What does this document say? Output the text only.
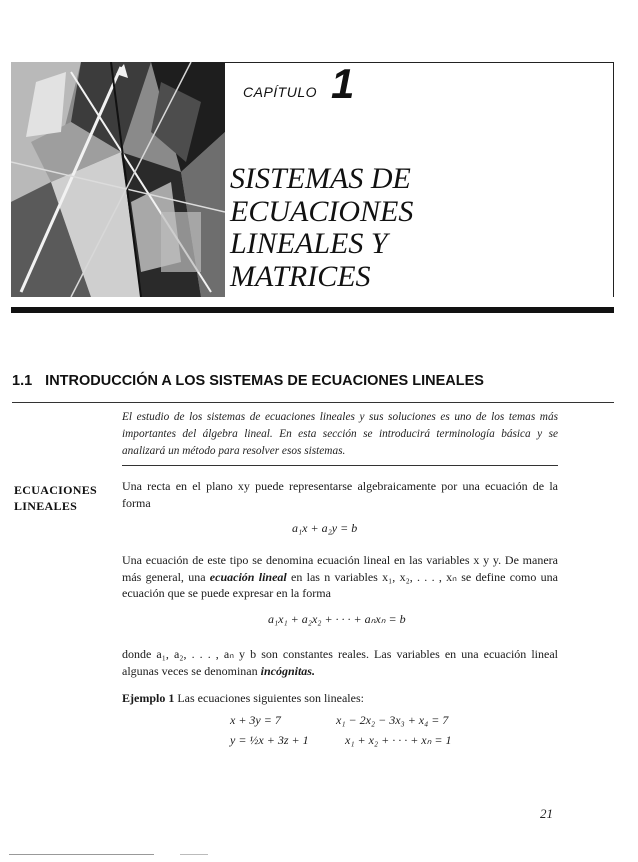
CAPÍTULO 1
SISTEMAS DE
ECUACIONES
LINEALES Y
MATRICES
1.1 INTRODUCCIÓN A LOS SISTEMAS DE ECUACIONES LINEALES

El estudio de los sistemas de ecuaciones lineales y sus soluciones es uno de los temas más importantes del álgebra lineal. En esta sección se introducirá terminología básica y se analizará un método para resolver esos sistemas.

ECUACIONES
LINEALES

Una recta en el plano xy puede representarse algebraicamente por una ecuación de la forma

a₁x + a₂y = b

Una ecuación de este tipo se denomina ecuación lineal en las variables x y y. De manera más general, una ecuación lineal en las n variables x₁, x₂, . . . , xₙ se define como una ecuación que se puede expresar en la forma

a₁x₁ + a₂x₂ + · · · + aₙxₙ = b

donde a₁, a₂, . . . , aₙ y b son constantes reales. Las variables en una ecuación lineal algunas veces se denominan incógnitas.

Ejemplo 1 Las ecuaciones siguientes son lineales:

x + 3y = 7	x₁ − 2x₂ − 3x₃ + x₄ = 7
y = ½x + 3z + 1	x₁ + x₂ + · · · + xₙ = 1
21
